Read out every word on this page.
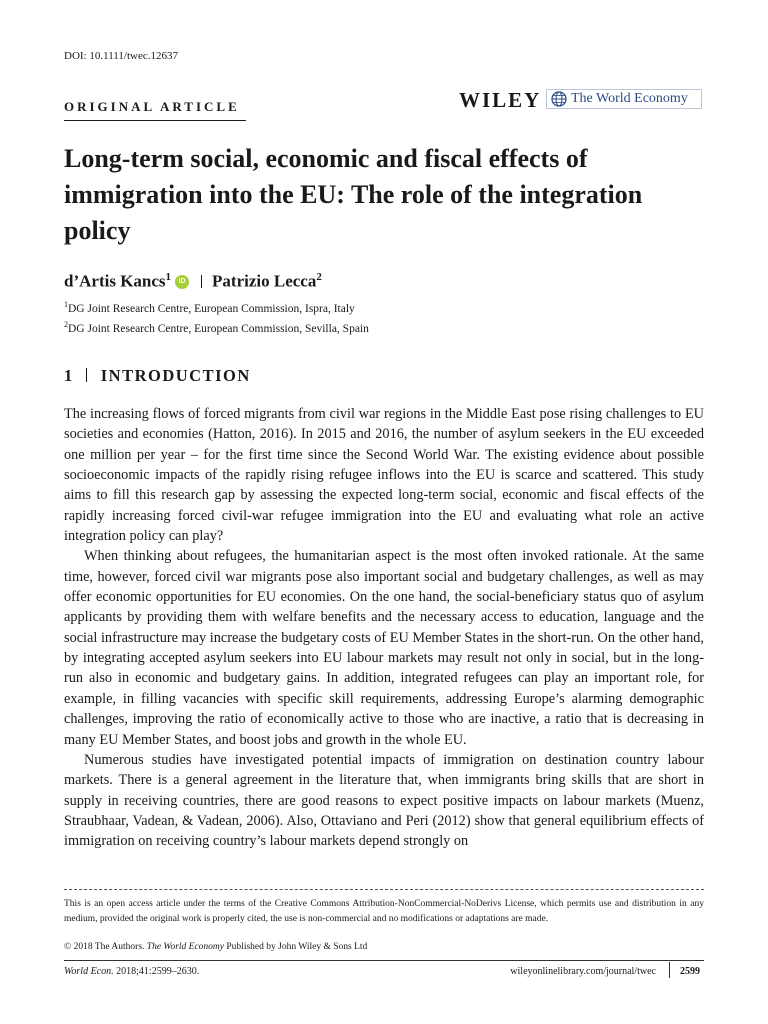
DOI: 10.1111/twec.12637
ORIGINAL ARTICLE	WILEY The World Economy
Long-term social, economic and fiscal effects of immigration into the EU: The role of the integration policy
d’Artis Kancs$^1$	iD Patrizio Lecca$^2$
$^1$DG Joint Research Centre, European Commission, Ispra, Italy
$^2$DG Joint Research Centre, European Commission, Sevilla, Spain
1 INTRODUCTION

The increasing flows of forced migrants from civil war regions in the Middle East pose rising challenges to EU societies and economies (Hatton, 2016). In 2015 and 2016, the number of asylum seekers in the EU exceeded one million per year – for the first time since the Second World War. The existing evidence about possible socioeconomic impacts of the rapidly rising refugee inflows into the EU is scarce and scattered. This study aims to fill this research gap by assessing the expected long-term social, economic and fiscal effects of the rapidly increasing forced civil-war refugee immigration into the EU and evaluating what role an active integration policy can play?

When thinking about refugees, the humanitarian aspect is the most often invoked rationale. At the same time, however, forced civil war migrants pose also important social and budgetary challenges, as well as may offer economic opportunities for EU economies. On the one hand, the social-beneficiary status quo of asylum applicants by providing them with welfare benefits and the necessary access to education, language and the social infrastructure may increase the budgetary costs of EU Member States in the short-run. On the other hand, by integrating accepted asylum seekers into EU labour markets may result not only in social, but in the long-run also in economic and budgetary gains. In addition, integrated refugees can play an important role, for example, in filling vacancies with specific skill requirements, addressing Europe’s alarming demographic challenges, improving the ratio of economically active to those who are inactive, a ratio that is decreasing in many EU Member States, and boost jobs and growth in the whole EU.

Numerous studies have investigated potential impacts of immigration on destination country labour markets. There is a general agreement in the literature that, when immigrants bring skills that are short in supply in receiving countries, there are good reasons to expect positive impacts on labour markets (Muenz, Straubhaar, Vadean, & Vadean, 2006). Also, Ottaviano and Peri (2012) show that general equilibrium effects of immigration on receiving country’s labour markets depend strongly on

This is an open access article under the terms of the Creative Commons Attribution-NonCommercial-NoDerivs License, which permits use and distribution in any medium, provided the original work is properly cited, the use is non-commercial and no modifications or adaptations are made.

© 2018 The Authors. The World Economy Published by John Wiley & Sons Ltd
World Econ. 2018;41:2599–2630.	wileyonlinelibrary.com/journal/twec 2599
